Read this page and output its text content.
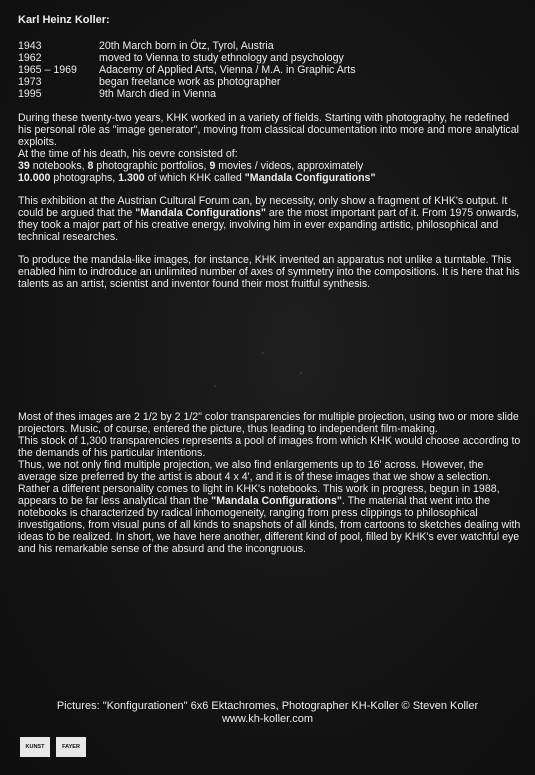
Karl Heinz Koller:
1943	20th March born in Ötz, Tyrol, Austria
1962	moved to Vienna to study ethnology and psychology
1965 – 1969	Adacemy of Applied Arts, Vienna / M.A. in Graphic Arts
1973	began freelance work as photographer
1995	9th March died in Vienna

During these twenty-two years, KHK worked in a variety of fields. Starting with photography, he redefined his personal rôle as "image generator", moving from classical documentation into more and more analytical exploits.

At the time of his death, his oevre consisted of:

39 notebooks, 8 photographic portfolios, 9 movies / videos, approximately

10.000 photographs, 1.300 of which KHK called "Mandala Configurations"

This exhibition at the Austrian Cultural Forum can, by necessity, only show a fragment of KHK's output. It could be argued that the "Mandala Configurations" are the most important part of it. From 1975 onwards, they took a major part of his creative energy, involving him in ever expanding artistic, philosophical and technical researches.

To produce the mandala-like images, for instance, KHK invented an apparatus not unlike a turntable. This enabled him to indroduce an unlimited number of axes of symmetry into the compositions. It is here that his talents as an artist, scientist and inventor found their most fruitful synthesis.

Most of thes images are 2 1/2 by 2 1/2" color transparencies for multiple projection, using two or more slide projectors. Music, of course, entered the picture, thus leading to independent film-making.

This stock of 1,300 transparencies represents a pool of images from which KHK would choose according to the demands of his particular intentions.

Thus, we not only find multiple projection, we also find enlargements up to 16' across. However, the average size preferred by the artist is about 4 x 4', and it is of these images that we show a selection.

Rather a different personality comes to light in KHK's notebooks. This work in progress, begun in 1988, appears to be far less analytical than the "Mandala Configurations". The material that went into the notebooks is characterized by radical inhomogeneity, ranging from press clippings to philosophical investigations, from visual puns of all kinds to snapshots of all kinds, from cartoons to sketches dealing with ideas to be realized. In short, we have here another, different kind of pool, filled by KHK's ever watchful eye and his remarkable sense of the absurd and the incongruous.

Pictures: "Konfigurationen" 6x6 Ektachromes, Photographer KH-Koller © Steven Koller
www.kh-koller.com
KUNST	FAYER
